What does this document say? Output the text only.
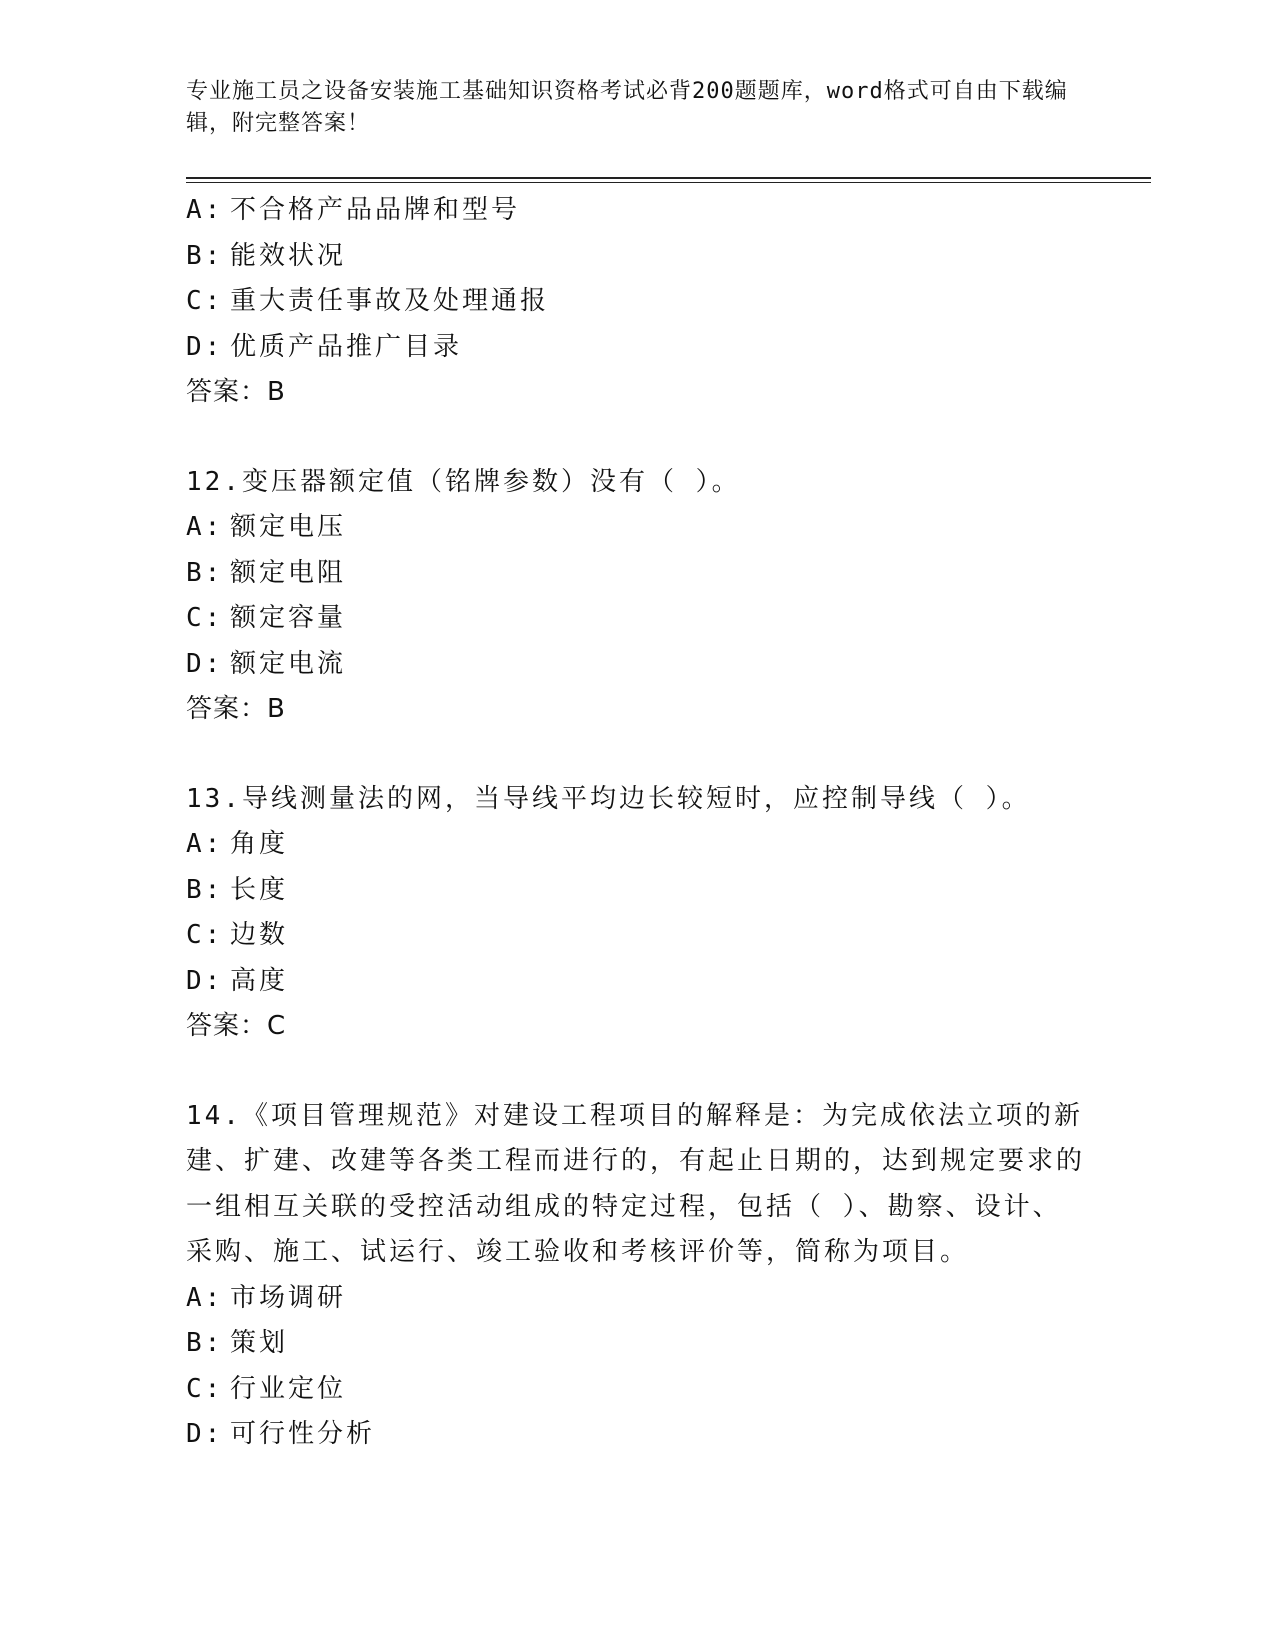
专业施工员之设备安装施工基础知识资格考试必背200题题库，word格式可自由下载编辑，附完整答案！
A: 不合格产品品牌和型号
B: 能效状况
C: 重大责任事故及处理通报
D: 优质产品推广目录
答案：B
12.变压器额定值（铭牌参数）没有（ ）。
A: 额定电压
B: 额定电阻
C: 额定容量
D: 额定电流
答案：B
13.导线测量法的网，当导线平均边长较短时，应控制导线（ ）。
A: 角度
B: 长度
C: 边数
D: 高度
答案：C
14.《项目管理规范》对建设工程项目的解释是：为完成依法立项的新建、扩建、改建等各类工程而进行的，有起止日期的，达到规定要求的一组相互关联的受控活动组成的特定过程，包括（ ）、勘察、设计、采购、施工、试运行、竣工验收和考核评价等，简称为项目。
A: 市场调研
B: 策划
C: 行业定位
D: 可行性分析
